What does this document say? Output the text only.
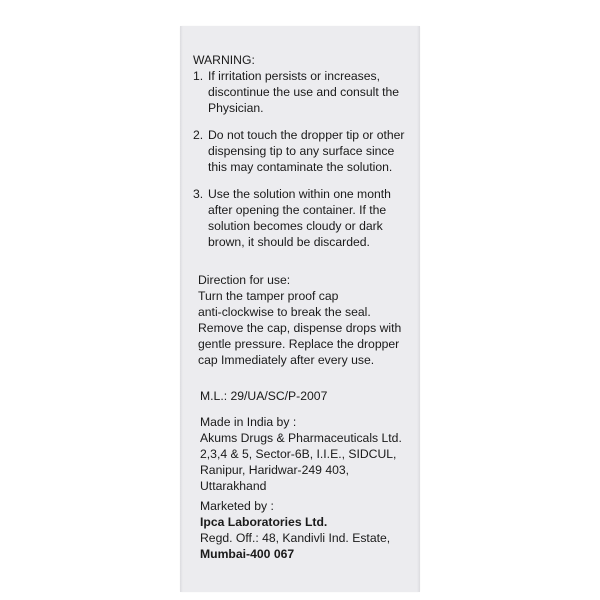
WARNING:
1. If irritation persists or increases,
discontinue the use and consult the
Physician.
2. Do not touch the dropper tip or other
dispensing tip to any surface since
this may contaminate the solution.
3. Use the solution within one month
after opening the container. If the
solution becomes cloudy or dark
brown, it should be discarded.
Direction for use:
Turn the tamper proof cap
anti-clockwise to break the seal.
Remove the cap, dispense drops with
gentle pressure. Replace the dropper
cap Immediately after every use.
M.L.: 29/UA/SC/P-2007
Made in India by :
Akums Drugs & Pharmaceuticals Ltd.
2,3,4 & 5, Sector-6B, I.I.E., SIDCUL,
Ranipur, Haridwar-249 403,
Uttarakhand
Marketed by :
Ipca Laboratories Ltd.
Regd. Off.: 48, Kandivli Ind. Estate,
Mumbai-400 067
